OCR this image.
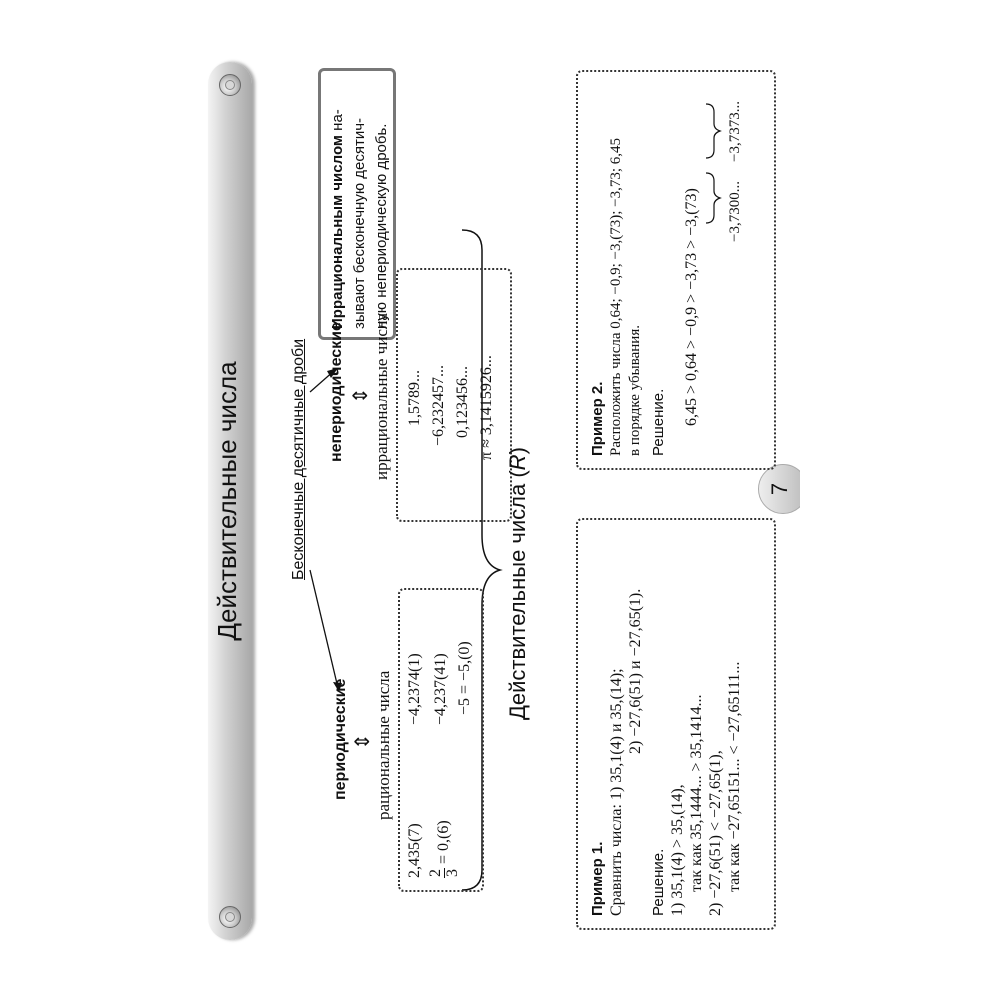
Действительные числа
Иррациональным числом на- зывают бесконечную десятич- ную непериодическую дробь.
Бесконечные десятичные дроби
периодические ⇕ рациональные числа
2,435(7)
−4,2374(1)
2 3
= 0,(6)
−4,237(41) −5 = −5,(0)
непериодические ⇕ иррациональные числа 1,5789... −6,232457... 0,123456... π ≈ 3,1415926...
Действительные числа (R)
7
Пример 1. Сравнить числа: 1) 35,1(4) и 35,(14); 2) −27,6(51) и −27,65(1).
Решение. 1) 35,1(4) > 35,(14), так как 35,1444... > 35,1414... 2) −27,6(51) < −27,65(1), так как −27,65151... < −27,65111...
Пример 2. Расположить числа 0,64; −0,9; −3,(73); −3,73; 6,45 в порядке убывания. Решение. 6,45 > 0,64 > −0,9 > −3,73 > −3,(73) −3,7300...
−3,7373...
